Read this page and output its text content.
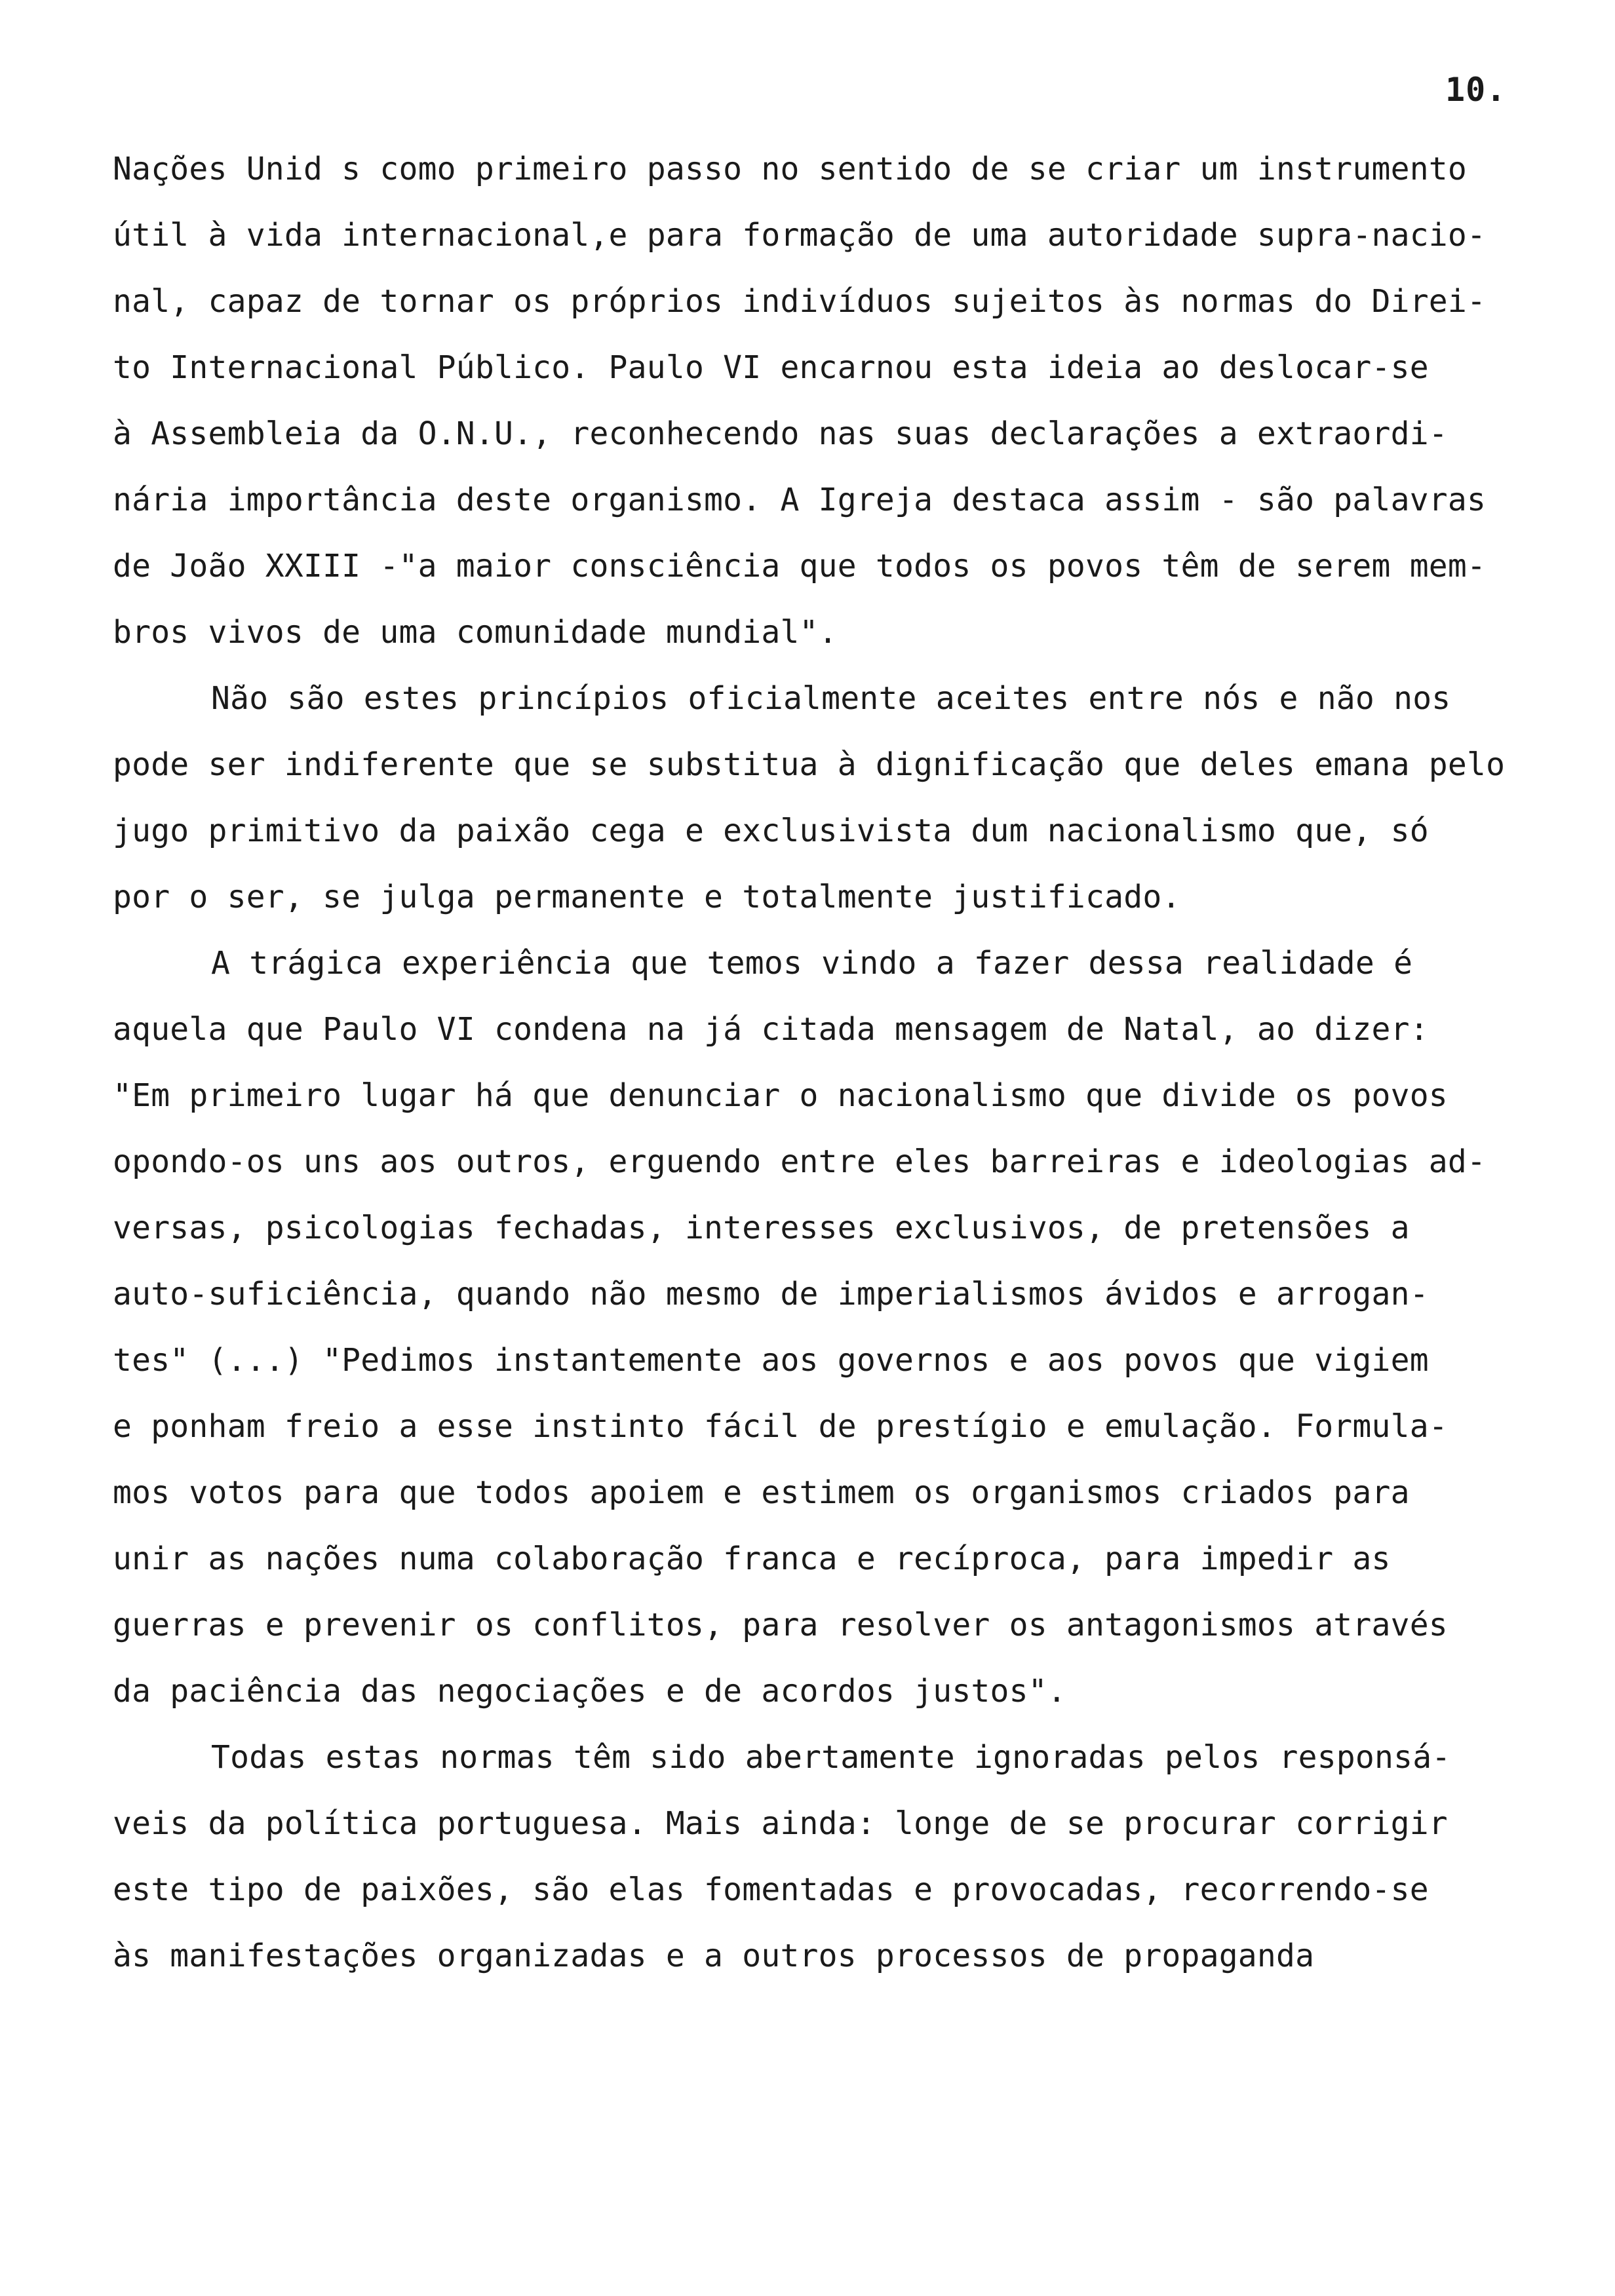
10.
Nações Unid s como primeiro passo no sentido de se criar um instrumento
útil à vida internacional,e para formação de uma autoridade supra-nacio-
nal, capaz de tornar os próprios indivíduos sujeitos às normas do Direi-
to Internacional Público. Paulo VI encarnou esta ideia ao deslocar-se
à Assembleia da O.N.U., reconhecendo nas suas declarações a extraordi-
nária importância deste organismo. A Igreja destaca assim - são palavras
de João XXIII -"a maior consciência que todos os povos têm de serem mem-
bros vivos de uma comunidade mundial".
Não são estes princípios oficialmente aceites entre nós e não nos
pode ser indiferente que se substitua à dignificação que deles emana pelo
jugo primitivo da paixão cega e exclusivista dum nacionalismo que, só
por o ser, se julga permanente e totalmente justificado.
A trágica experiência que temos vindo a fazer dessa realidade é
aquela que Paulo VI condena na já citada mensagem de Natal, ao dizer:
"Em primeiro lugar há que denunciar o nacionalismo que divide os povos
opondo-os uns aos outros, erguendo entre eles barreiras e ideologias ad-
versas, psicologias fechadas, interesses exclusivos, de pretensões a
auto-suficiência, quando não mesmo de imperialismos ávidos e arrogan-
tes" (...) "Pedimos instantemente aos governos e aos povos que vigiem
e ponham freio a esse instinto fácil de prestígio e emulação. Formula-
mos votos para que todos apoiem e estimem os organismos criados para
unir as nações numa colaboração franca e recíproca, para impedir as
guerras e prevenir os conflitos, para resolver os antagonismos através
da paciência das negociações e de acordos justos".
Todas estas normas têm sido abertamente ignoradas pelos responsá-
veis da política portuguesa. Mais ainda: longe de se procurar corrigir
este tipo de paixões, são elas fomentadas e provocadas, recorrendo-se
às manifestações organizadas e a outros processos de propaganda
